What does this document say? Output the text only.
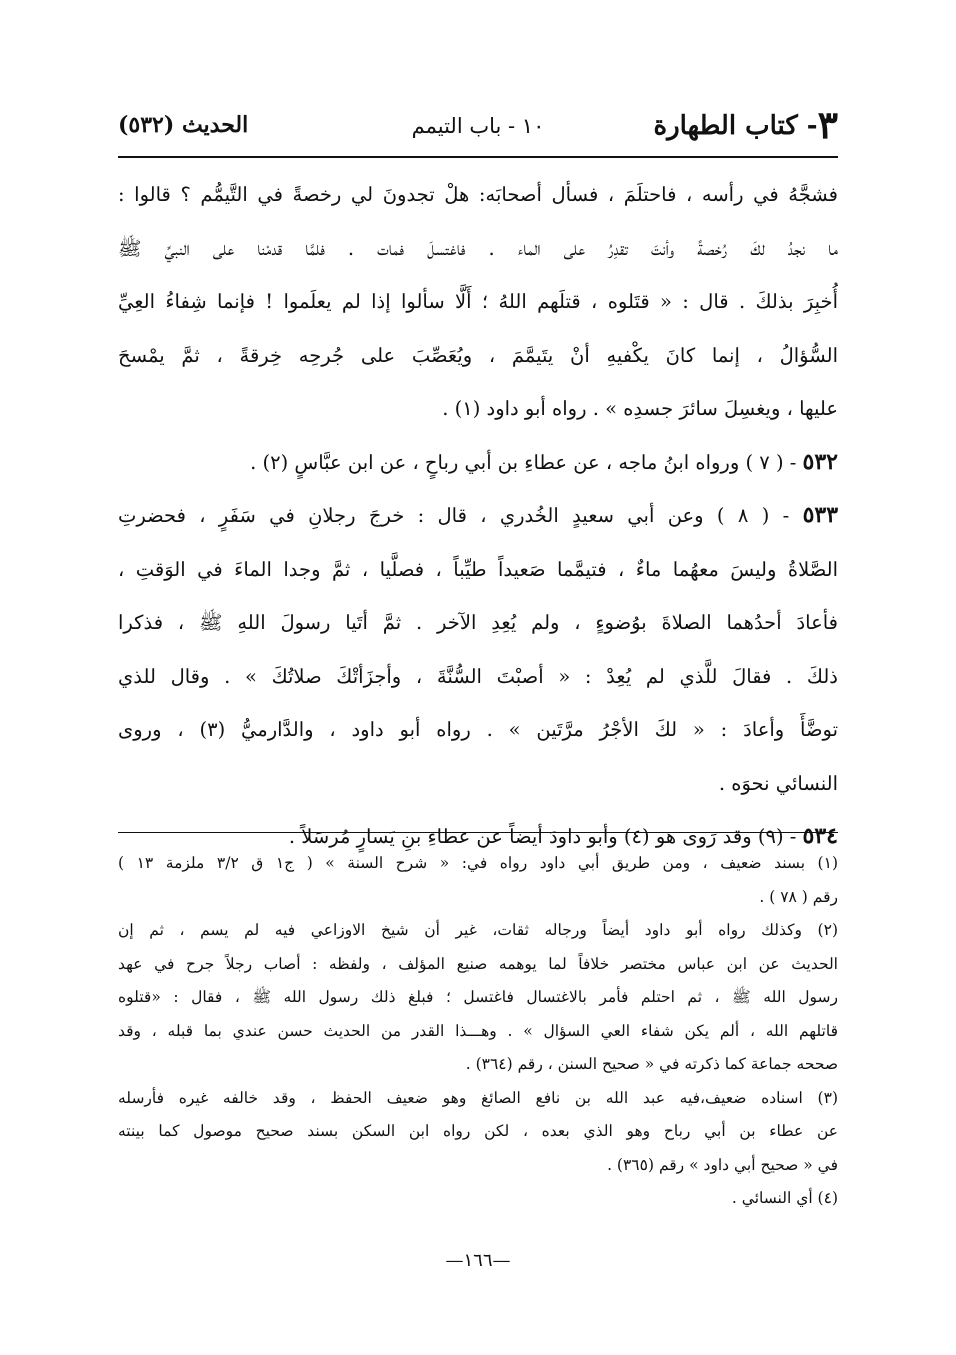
٣- كتاب الطهارة
١٠ - باب التيمم
الحديث (٥٣٢)
فشجَّهُ في رأسه ، فاحتلَمَ ، فسأل أصحابَه: هلْ تجدونَ لي رخصةً في التَّيمُّم ؟ قالوا :
ما نجدُ لكَ رُخصةً وأنتَ تقدِرُ على الماء . فاغتسلَ فمات . فلمَّا قدمْنا على النبيِّ ﷺ
أُخبِرَ بذلكَ . قال : « قتَلوه ، قتلَهم اللهُ ؛ أَلَّا سألوا إذا لم يعلَموا ! فإنما شِفاءُ العِيِّ
السُّؤالُ ، إنما كانَ يكْفيهِ أنْ يتَيمَّمَ ، ويُعَصِّبَ على جُرحِه خِرقةً ، ثمَّ يمْسحَ
عليها ، ويغسِلَ سائرَ جسدِه » . رواه أبو داود (١) .
٥٣٢ - ( ٧ ) ورواه ابنُ ماجه ، عن عطاءِ بن أبي رباحٍ ، عن ابن عبَّاسٍ (٢) .
٥٣٣ - ( ٨ ) وعن أبي سعيدٍ الخُدري ، قال : خرجَ رجلانِ في سَفَرٍ ، فحضرتِ
الصَّلاةُ وليسَ معهُما ماءٌ ، فتيمَّما صَعيداً طيِّباً ، فصلَّيا ، ثمَّ وجدا الماءَ في الوَقتِ ،
فأعادَ أحدُهما الصلاةَ بوُضوءٍ ، ولم يُعِدِ الآخر . ثمَّ أتَيا رسولَ اللهِ ﷺ ، فذكرا
ذلكَ . فقالَ للَّذي لم يُعِدْ : « أصبْتَ السُّنَّةَ ، وأجزَأتْكَ صلاتُكَ » . وقال للذي
توضَّأَ وأعادَ : « لكَ الأجْرُ مرَّتَين » . رواه أبو داود ، والدَّارميُّ (٣) ، وروى
النسائي نحوَه .
٥٣٤ - (٩) وقد رَوى هو (٤) وأبو داودَ أيضاً عن عطاءِ بنِ يَسارٍ مُرسَلاً .
(١) بسند ضعيف ، ومن طريق أبي داود رواه في: « شرح السنة » ( ج١ ق ٣/٢ ملزمة ١٣ )
رقم ( ٧٨ ) .
(٢) وكذلك رواه أبو داود أيضاً ورجاله ثقات، غير أن شيخ الاوزاعي فيه لم يسم ، ثم إن
الحديث عن ابن عباس مختصر خلافاً لما يوهمه صنيع المؤلف ، ولفظه : أصاب رجلاً جرح في عهد
رسول الله ﷺ ، ثم احتلم فأمر بالاغتسال فاغتسل ؛ فبلغ ذلك رسول الله ﷺ ، فقال : «قتلوه
قاتلهم الله ، ألم يكن شفاء العي السؤال » . وهـــذا القدر من الحديث حسن عندي بما قبله ، وقد
صححه جماعة كما ذكرته في « صحيح السنن ، رقم (٣٦٤) .
(٣) اسناده ضعيف،فيه عبد الله بن نافع الصائغ وهو ضعيف الحفظ ، وقد خالفه غيره فأرسله
عن عطاء بن أبي رباح وهو الذي بعده ، لكن رواه ابن السكن بسند صحيح موصول كما بينته
في « صحيح أبي داود » رقم (٣٦٥) .
(٤) أي النسائي .
—١٦٦—
